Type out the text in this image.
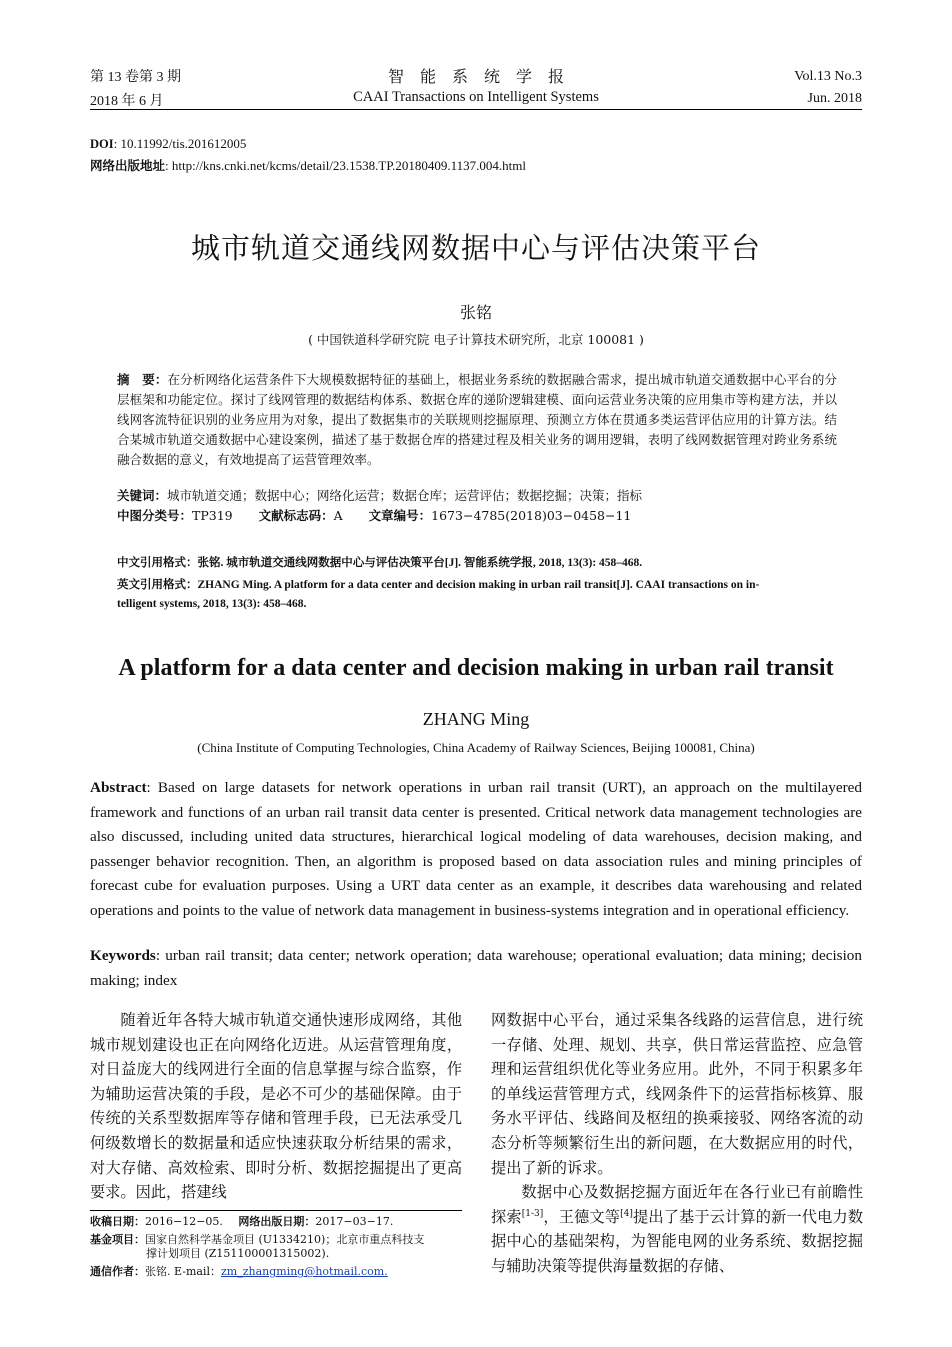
第 13 卷第 3 期
2018 年 6 月
智　能　系　统　学　报
CAAI Transactions on Intelligent Systems
Vol.13 No.3
Jun. 2018
DOI: 10.11992/tis.201612005
网络出版地址: http://kns.cnki.net/kcms/detail/23.1538.TP.20180409.1137.004.html
城市轨道交通线网数据中心与评估决策平台
张铭
( 中国铁道科学研究院 电子计算技术研究所，北京 100081 )
摘　要：在分析网络化运营条件下大规模数据特征的基础上，根据业务系统的数据融合需求，提出城市轨道交通数据中心平台的分层框架和功能定位。探讨了线网管理的数据结构体系、数据仓库的递阶逻辑建模、面向运营业务决策的应用集市等构建方法，并以线网客流特征识别的业务应用为对象，提出了数据集市的关联规则挖掘原理、预测立方体在贯通多类运营评估应用的计算方法。结合某城市轨道交通数据中心建设案例，描述了基于数据仓库的搭建过程及相关业务的调用逻辑，表明了线网数据管理对跨业务系统融合数据的意义，有效地提高了运营管理效率。
关键词：城市轨道交通；数据中心；网络化运营；数据仓库；运营评估；数据挖掘；决策；指标
中图分类号：TP319 文献标志码：A 文章编号：1673−4785(2018)03−0458−11
中文引用格式：张铭. 城市轨道交通线网数据中心与评估决策平台[J]. 智能系统学报, 2018, 13(3): 458–468.
英文引用格式：ZHANG Ming. A platform for a data center and decision making in urban rail transit[J]. CAAI transactions on in-
telligent systems, 2018, 13(3): 458–468.
A platform for a data center and decision making in urban rail transit
ZHANG Ming
(China Institute of Computing Technologies, China Academy of Railway Sciences, Beijing 100081, China)
Abstract: Based on large datasets for network operations in urban rail transit (URT), an approach on the multilayered framework and functions of an urban rail transit data center is presented. Critical network data management technologies are also discussed, including united data structures, hierarchical logical modeling of data warehouses, decision making, and passenger behavior recognition. Then, an algorithm is proposed based on data association rules and mining principles of forecast cube for evaluation purposes. Using a URT data center as an example, it describes data warehousing and related operations and points to the value of network data management in business-systems integration and in operational efficiency.
Keywords: urban rail transit; data center; network operation; data warehouse; operational evaluation; data mining; decision making; index
随着近年各特大城市轨道交通快速形成网络，其他城市规划建设也正在向网络化迈进。从运营管理角度，对日益庞大的线网进行全面的信息掌握与综合监察，作为辅助运营决策的手段，是必不可少的基础保障。由于传统的关系型数据库等存储和管理手段，已无法承受几何级数增长的数据量和适应快速获取分析结果的需求，对大存储、高效检索、即时分析、数据挖掘提出了更高要求。因此，搭建线
收稿日期：2016−12−05. 网络出版日期：2017−03−17.
基金项目：国家自然科学基金项目 (U1334210)；北京市重点科技支
撑计划项目 (Z151100001315002).
通信作者：张铭. E-mail：zm_zhangming@hotmail.com.

网数据中心平台，通过采集各线路的运营信息，进行统一存储、处理、规划、共享，供日常运营监控、应急管理和运营组织优化等业务应用。此外，不同于积累多年的单线运营管理方式，线网条件下的运营指标核算、服务水平评估、线路间及枢纽的换乘接驳、网络客流的动态分析等频繁衍生出的新问题，在大数据应用的时代，提出了新的诉求。

数据中心及数据挖掘方面近年在各行业已有前瞻性探索[1-3]，王德文等[4]提出了基于云计算的新一代电力数据中心的基础架构，为智能电网的业务系统、数据挖掘与辅助决策等提供海量数据的存储、
